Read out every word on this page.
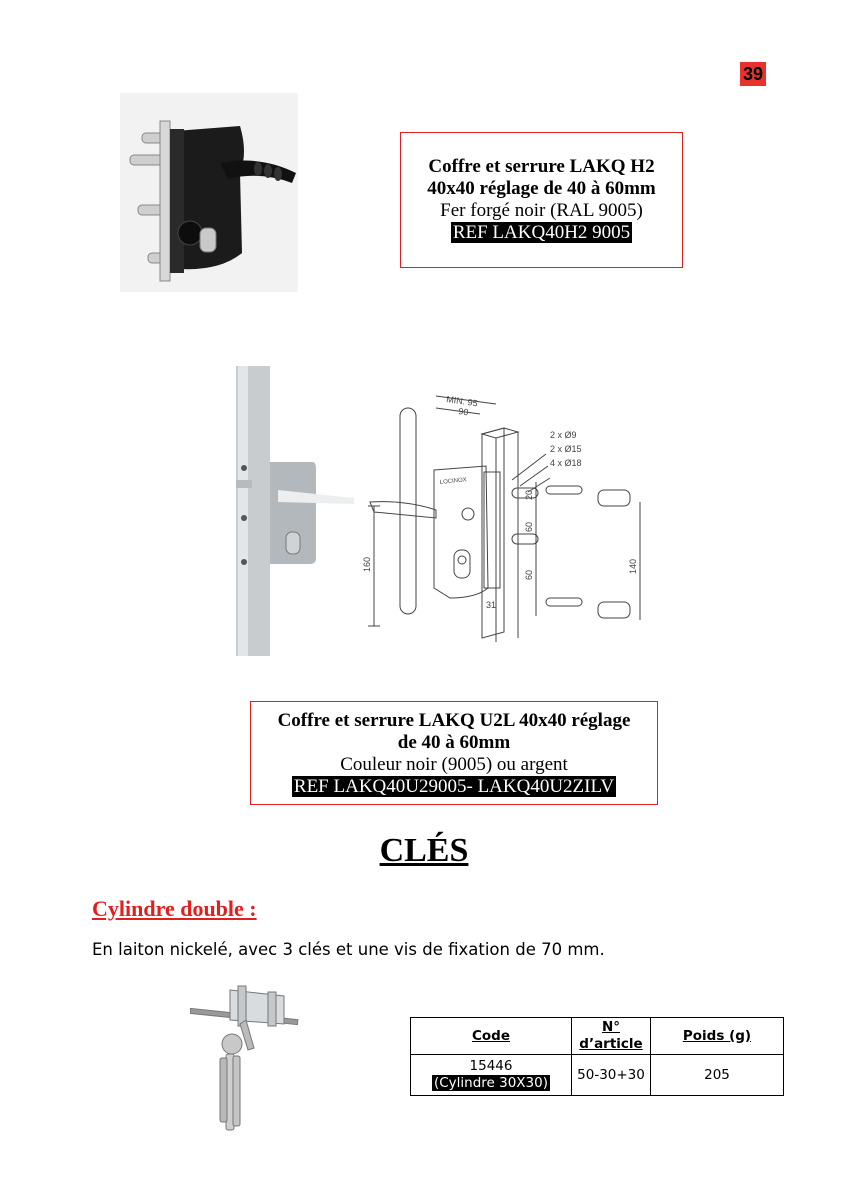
39
Coffre et serrure LAKQ H2
40x40 réglage de 40 à 60mm
Fer forgé noir (RAL 9005)
REF LAKQ40H2 9005
MIN. 95
90
2 x Ø9
2 x Ø15
4 x Ø18
LOCINOX
20
60
60
160	140
31
Coffre et serrure LAKQ U2L 40x40 réglage
de 40 à 60mm
Couleur noir (9005) ou argent
REF LAKQ40U29005- LAKQ40U2ZILV
CLÉS
Cylindre double :
En laiton nickelé, avec 3 clés et une vis de fixation de 70 mm.
Code	N° d’article	Poids (g)

15446
(Cylindre 30X30)	50-30+30	205
